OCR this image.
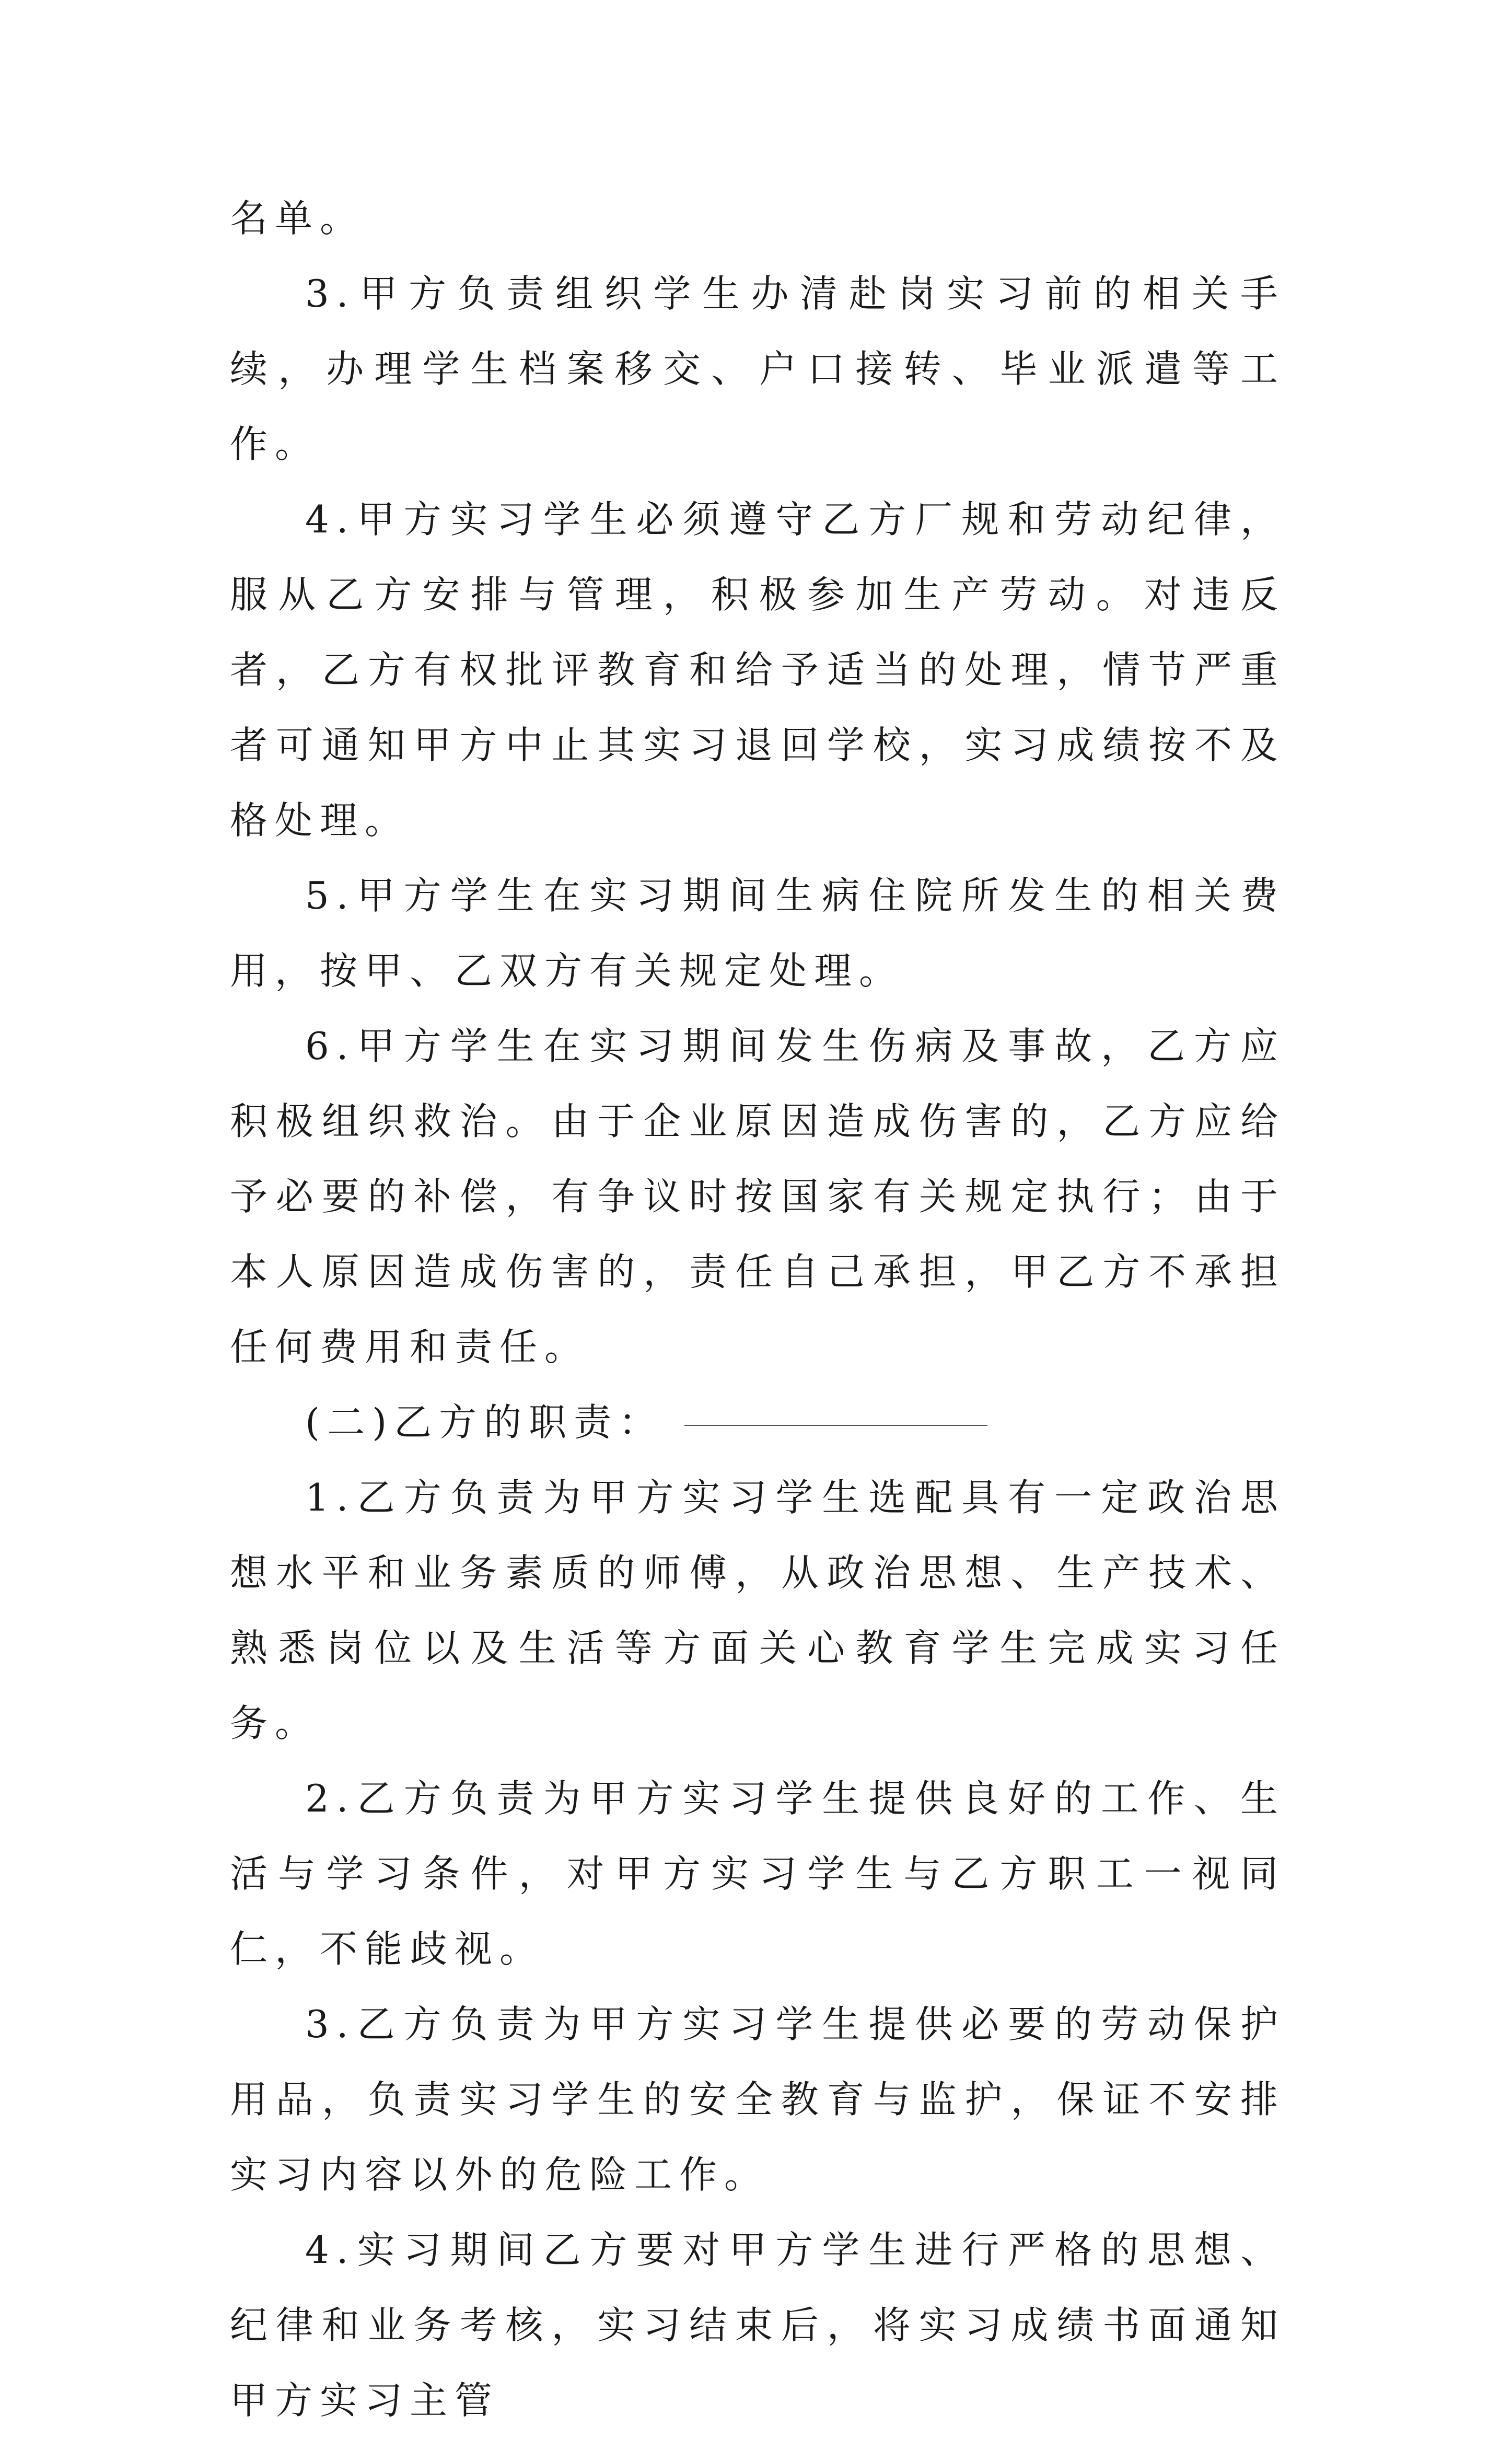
名单。

3.甲方负责组织学生办清赴岗实习前的相关手续，办理学生档案移交、户口接转、毕业派遣等工作。

4.甲方实习学生必须遵守乙方厂规和劳动纪律，服从乙方安排与管理，积极参加生产劳动。对违反者，乙方有权批评教育和给予适当的处理，情节严重者可通知甲方中止其实习退回学校，实习成绩按不及格处理。

5.甲方学生在实习期间生病住院所发生的相关费用，按甲、乙双方有关规定处理。

6.甲方学生在实习期间发生伤病及事故，乙方应积极组织救治。由于企业原因造成伤害的，乙方应给予必要的补偿，有争议时按国家有关规定执行；由于本人原因造成伤害的，责任自己承担，甲乙方不承担任何费用和责任。

(二)乙方的职责：

1.乙方负责为甲方实习学生选配具有一定政治思想水平和业务素质的师傅，从政治思想、生产技术、熟悉岗位以及生活等方面关心教育学生完成实习任务。

2.乙方负责为甲方实习学生提供良好的工作、生活与学习条件，对甲方实习学生与乙方职工一视同仁，不能歧视。

3.乙方负责为甲方实习学生提供必要的劳动保护用品，负责实习学生的安全教育与监护，保证不安排实习内容以外的危险工作。

4.实习期间乙方要对甲方学生进行严格的思想、纪律和业务考核，实习结束后，将实习成绩书面通知甲方实习主管
